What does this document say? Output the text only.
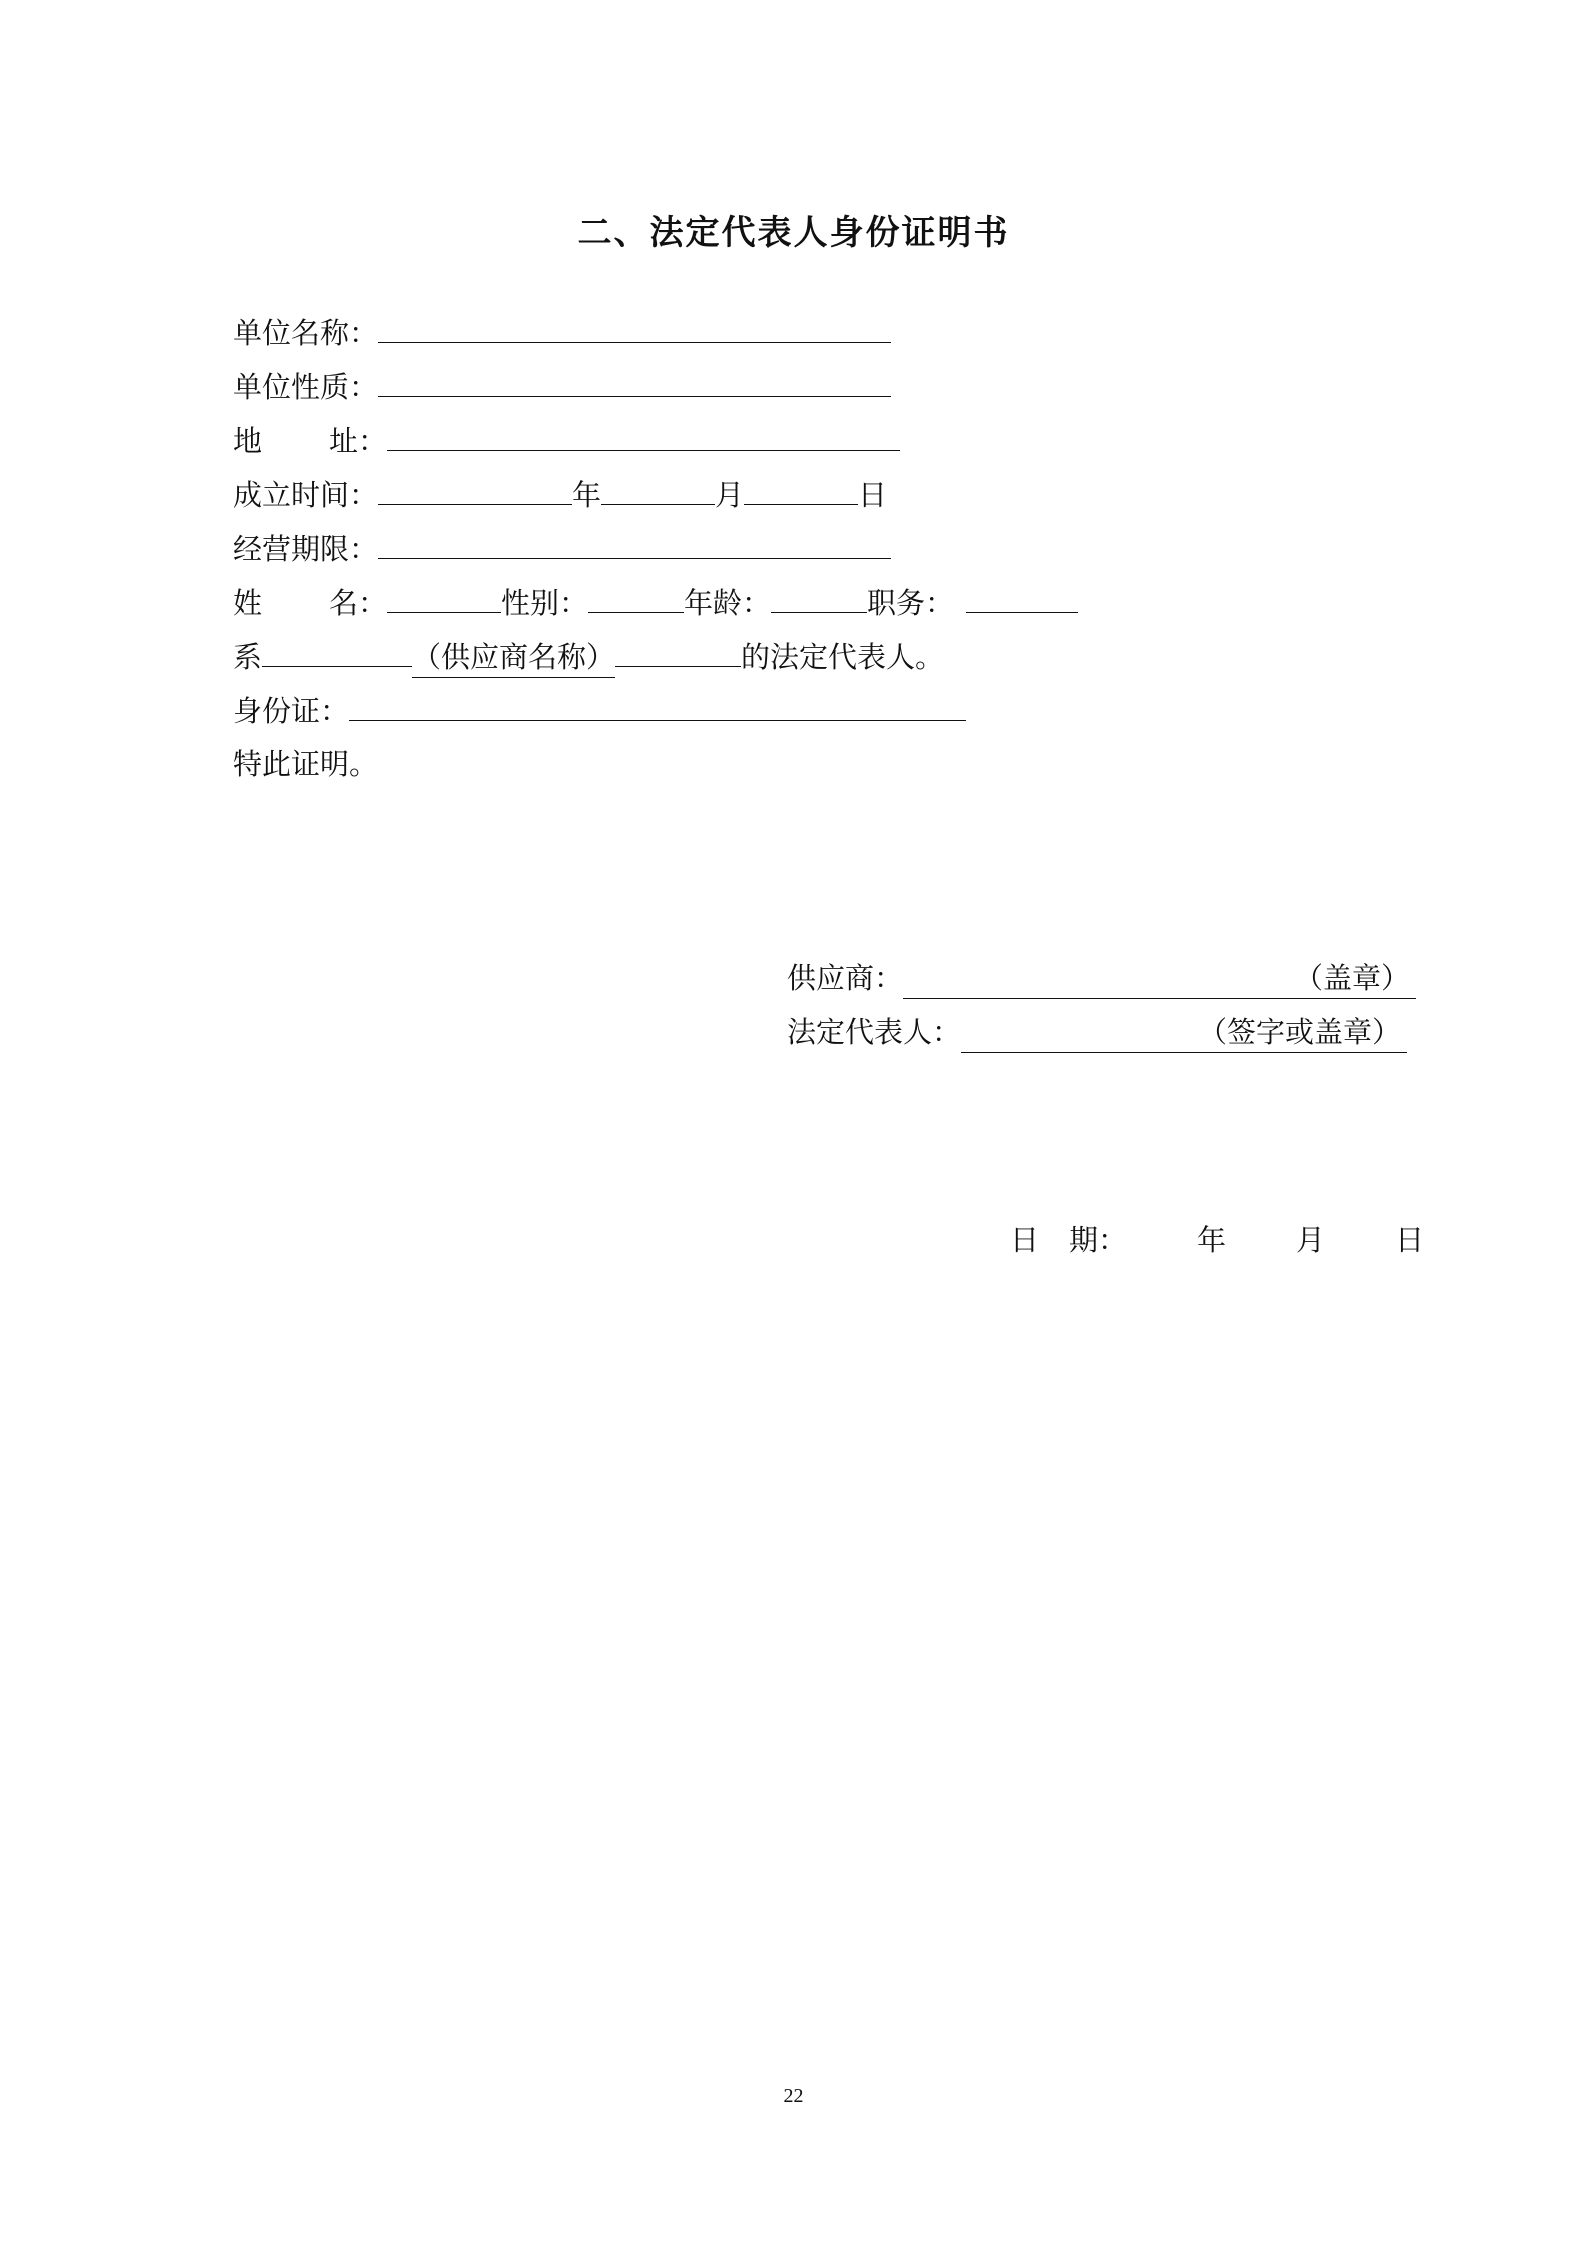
二、法定代表人身份证明书
单位名称：
单位性质：
地 址：
成立时间：	年	月	日
经营期限：
姓 名：	性别：	年龄：	职务：
系	（供应商名称）	的法定代表人。
身份证：
特此证明。
供应商：	（盖章）
法定代表人：	（签字或盖章）
日 期： 年 月 日
22
